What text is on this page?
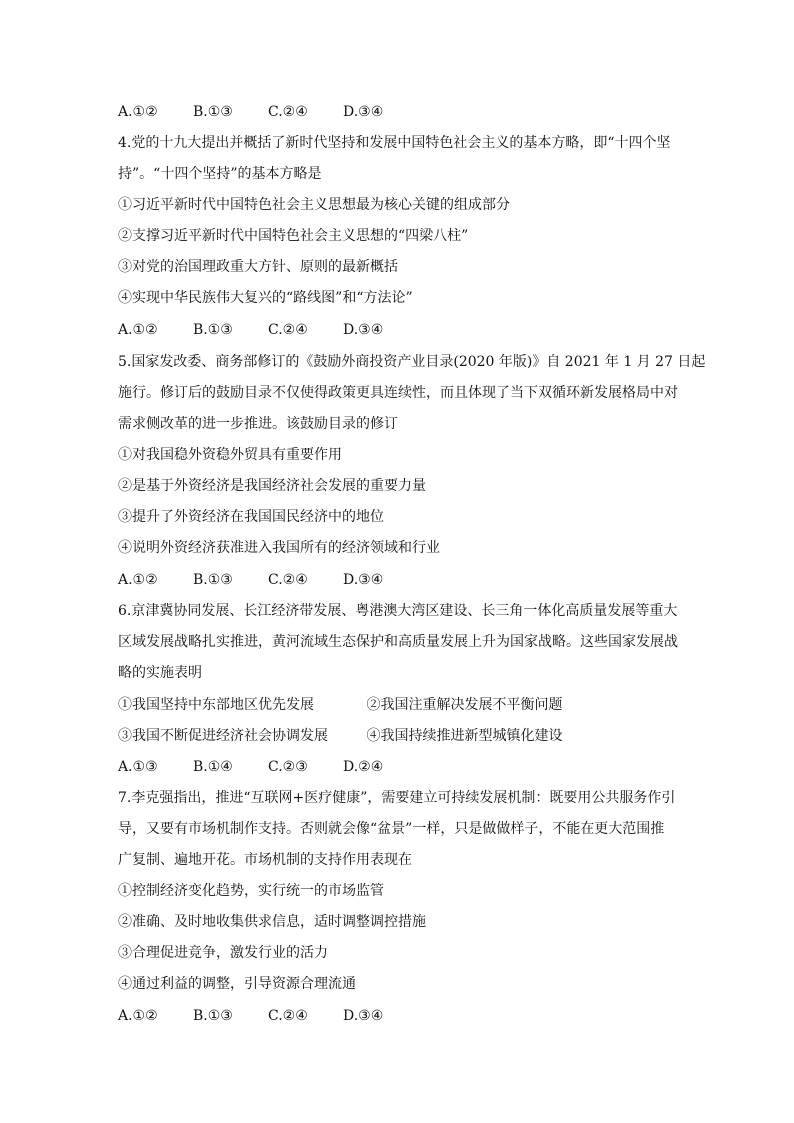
A.①②	B.①③	C.②④	D.③④
4.党的十九大提出并概括了新时代坚持和发展中国特色社会主义的基本方略，即“十四个坚
持”。“十四个坚持”的基本方略是
①习近平新时代中国特色社会主义思想最为核心关键的组成部分
②支撑习近平新时代中国特色社会主义思想的“四梁八柱”
③对党的治国理政重大方针、原则的最新概括
④实现中华民族伟大复兴的“路线图”和“方法论”
A.①②	B.①③	C.②④	D.③④
5.国家发改委、商务部修订的《鼓励外商投资产业目录(2020 年版)》自 2021 年 1 月 27 日起
施行。修订后的鼓励目录不仅使得政策更具连续性，而且体现了当下双循环新发展格局中对
需求侧改革的进一步推进。该鼓励目录的修订
①对我国稳外资稳外贸具有重要作用
②是基于外资经济是我国经济社会发展的重要力量
③提升了外资经济在我国国民经济中的地位
④说明外资经济获准进入我国所有的经济领域和行业
A.①②	B.①③	C.②④	D.③④
6.京津冀协同发展、长江经济带发展、粤港澳大湾区建设、长三角一体化高质量发展等重大
区域发展战略扎实推进，黄河流域生态保护和高质量发展上升为国家战略。这些国家发展战
略的实施表明
①我国坚持中东部地区优先发展	②我国注重解决发展不平衡问题
③我国不断促进经济社会协调发展	④我国持续推进新型城镇化建设
A.①③	B.①④	C.②③	D.②④
7.李克强指出，推进“互联网+医疗健康”，需要建立可持续发展机制：既要用公共服务作引
导，又要有市场机制作支持。否则就会像“盆景”一样，只是做做样子，不能在更大范围推
广复制、遍地开花。市场机制的支持作用表现在
①控制经济变化趋势，实行统一的市场监管
②准确、及时地收集供求信息，适时调整调控措施
③合理促进竞争，激发行业的活力
④通过利益的调整，引导资源合理流通
A.①②	B.①③	C.②④	D.③④
